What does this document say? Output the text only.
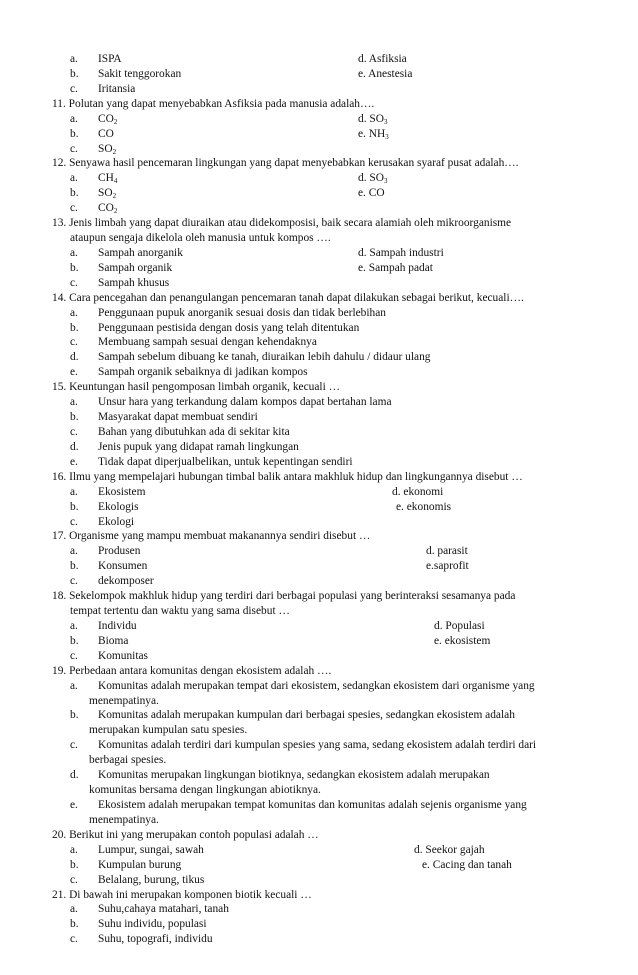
a. ISPA	d. Asfiksia
b. Sakit tenggorokan	e. Anestesia
c. Iritansia
11. Polutan yang dapat menyebabkan Asfiksia pada manusia adalah….
a. $CO_2$	d. $SO_3$
b. CO	e. $NH_3$
c. $SO_2$
12. Senyawa hasil pencemaran lingkungan yang dapat menyebabkan kerusakan syaraf pusat adalah….
a. $CH_4$	d. $SO_3$
b. $SO_2$	e. CO
c. $CO_2$
13. Jenis limbah yang dapat diuraikan atau didekomposisi, baik secara alamiah oleh mikroorganisme
ataupun sengaja dikelola oleh manusia untuk kompos ….
a. Sampah anorganik	d. Sampah industri
b. Sampah organik	e. Sampah padat
c. Sampah khusus
14. Cara pencegahan dan penangulangan pencemaran tanah dapat dilakukan sebagai berikut, kecuali….
a. Penggunaan pupuk anorganik sesuai dosis dan tidak berlebihan
b. Penggunaan pestisida dengan dosis yang telah ditentukan
c. Membuang sampah sesuai dengan kehendaknya
d. Sampah sebelum dibuang ke tanah, diuraikan lebih dahulu / didaur ulang
e. Sampah organik sebaiknya di jadikan kompos
15. Keuntungan hasil pengomposan limbah organik, kecuali …
a. Unsur hara yang terkandung dalam kompos dapat bertahan lama
b. Masyarakat dapat membuat sendiri
c. Bahan yang dibutuhkan ada di sekitar kita
d. Jenis pupuk yang didapat ramah lingkungan
e. Tidak dapat diperjualbelikan, untuk kepentingan sendiri
16. Ilmu yang mempelajari hubungan timbal balik antara makhluk hidup dan lingkungannya disebut …
a. Ekosistem	d. ekonomi
b. Ekologis	e. ekonomis
c. Ekologi
17. Organisme yang mampu membuat makanannya sendiri disebut …
a. Produsen	d. parasit
b. Konsumen	e.saprofit
c. dekomposer
18. Sekelompok makhluk hidup yang terdiri dari berbagai populasi yang berinteraksi sesamanya pada
tempat tertentu dan waktu yang sama disebut …
a. Individu	d. Populasi
b. Bioma	e. ekosistem
c. Komunitas
19. Perbedaan antara komunitas dengan ekosistem adalah ….
a. Komunitas adalah merupakan tempat dari ekosistem, sedangkan ekosistem dari organisme yang
menempatinya.
b. Komunitas adalah merupakan kumpulan dari berbagai spesies, sedangkan ekosistem adalah
merupakan kumpulan satu spesies.
c. Komunitas adalah terdiri dari kumpulan spesies yang sama, sedang ekosistem adalah terdiri dari
berbagai spesies.
d. Komunitas merupakan lingkungan biotiknya, sedangkan ekosistem adalah merupakan
komunitas bersama dengan lingkungan abiotiknya.
e. Ekosistem adalah merupakan tempat komunitas dan komunitas adalah sejenis organisme yang
menempatinya.
20. Berikut ini yang merupakan contoh populasi adalah …
a. Lumpur, sungai, sawah	d. Seekor gajah
b. Kumpulan burung	e. Cacing dan tanah
c. Belalang, burung, tikus
21. Di bawah ini merupakan komponen biotik kecuali …
a. Suhu,cahaya matahari, tanah
b. Suhu individu, populasi
c. Suhu, topografi, individu
